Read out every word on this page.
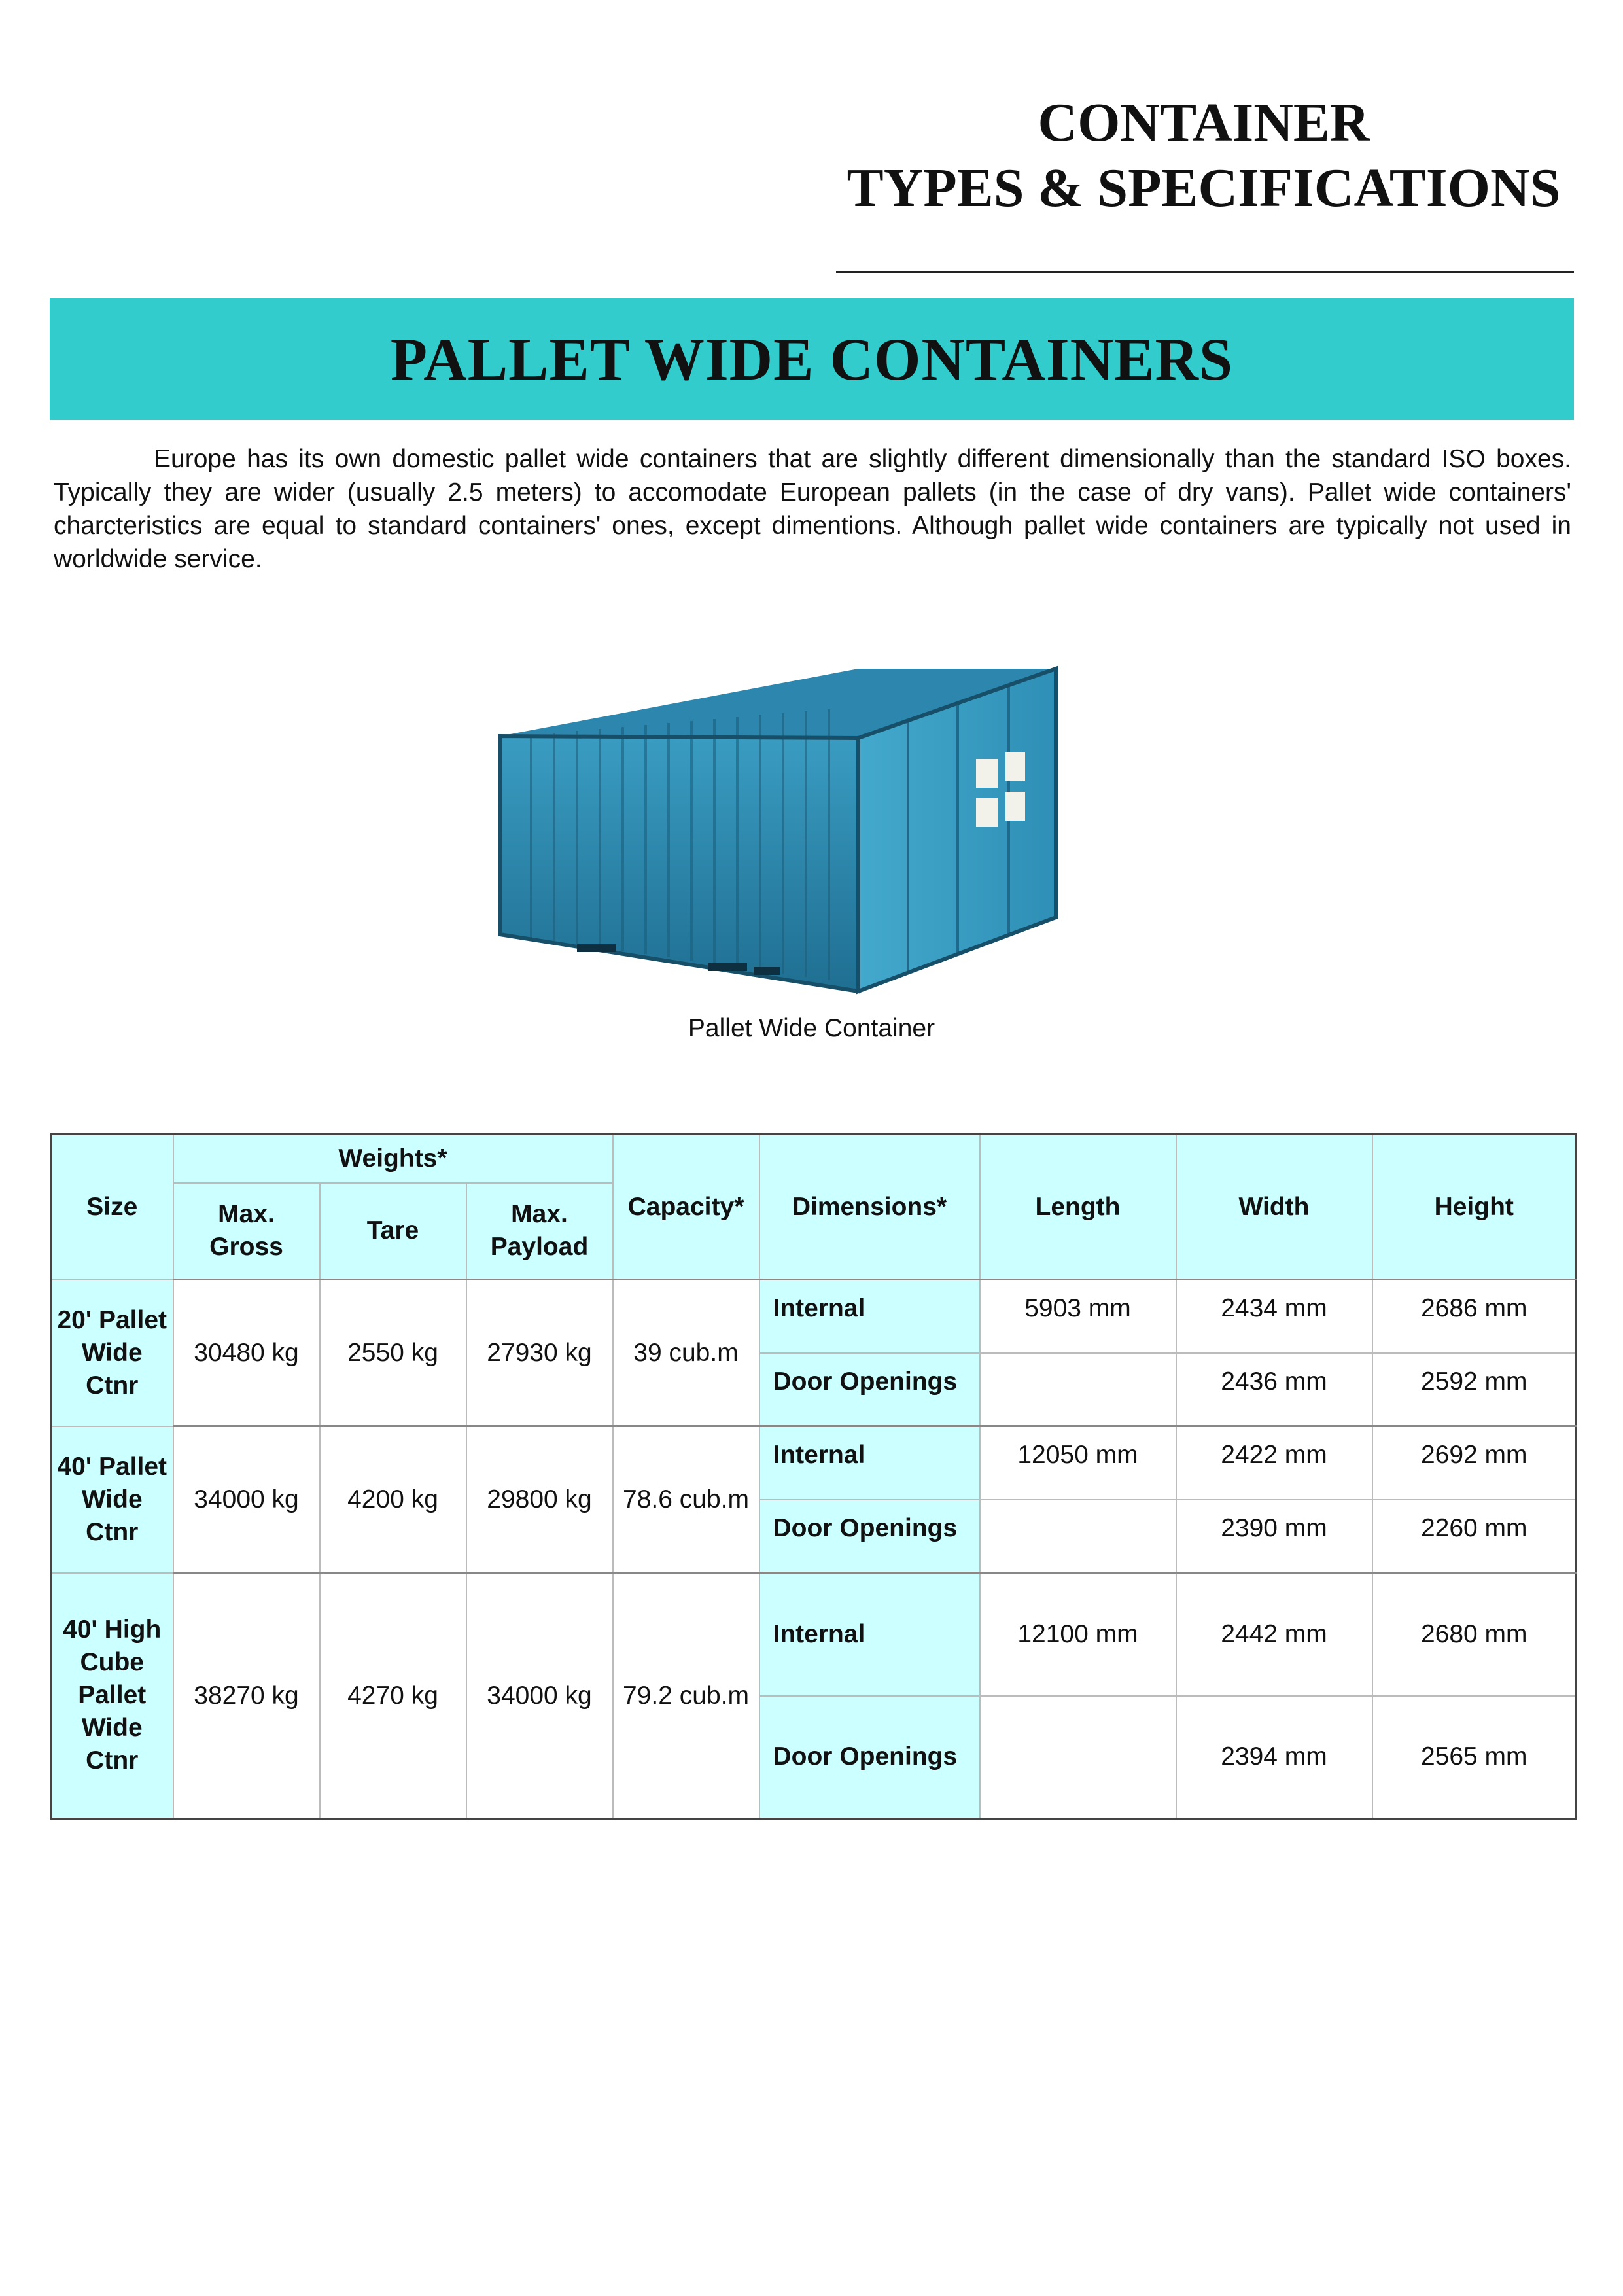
CONTAINER
TYPES & SPECIFICATIONS
PALLET WIDE CONTAINERS

Europe has its own domestic pallet wide containers that are slightly different dimensionally than the standard ISO boxes. Typically they are wider (usually 2.5 meters) to accomodate European pallets (in the case of dry vans). Pallet wide containers' charcteristics are equal to standard containers' ones, except dimentions. Although pallet wide containers are typically not used in worldwide service.

Pallet Wide Container
Size	Weights*			Capacity*	Dimensions*	Length	Width	Height
	Max. Gross	Tare	Max. Payload					
20' Pallet Wide Ctnr	30480 kg	2550 kg	27930 kg	39 cub.m	Internal	5903 mm	2434 mm	2686 mm
					Door Openings		2436 mm	2592 mm
40' Pallet Wide Ctnr	34000 kg	4200 kg	29800 kg	78.6 cub.m	Internal	12050 mm	2422 mm	2692 mm
					Door Openings		2390 mm	2260 mm
40' High Cube Pallet Wide Ctnr	38270 kg	4270 kg	34000 kg	79.2 cub.m	Internal	12100 mm	2442 mm	2680 mm
					Door Openings		2394 mm	2565 mm
